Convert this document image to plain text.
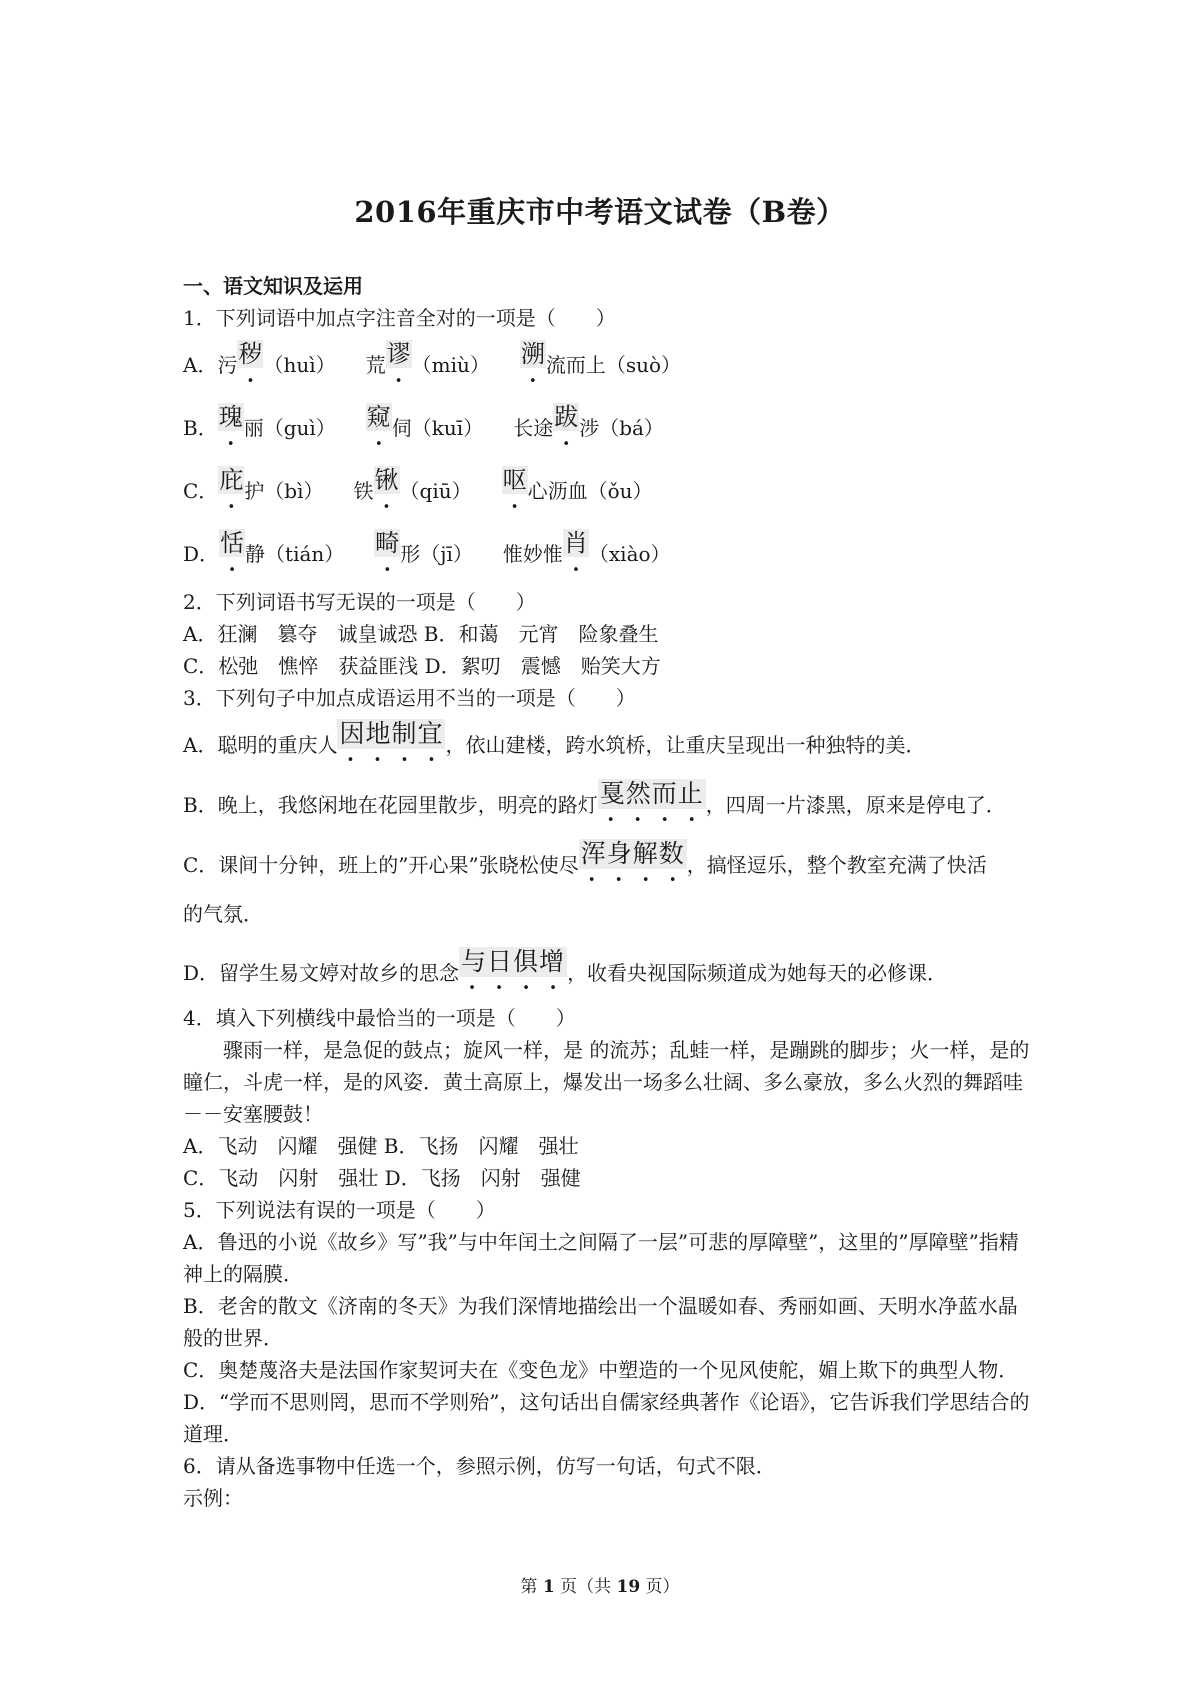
2016年重庆市中考语文试卷（B卷）
一、语文知识及运用
1．下列词语中加点字注音全对的一项是（　　）
A．污秽（huì） 荒谬（miù） 溯流而上（suò）
B．瑰丽（guì） 窥伺（kuī） 长途跋涉（bá）
C．庇护（bì） 铁锹（qiū） 呕心沥血（ǒu）
D．恬静（tián） 畸形（jī） 惟妙惟肖（xiào）
2．下列词语书写无误的一项是（　　）
A．狂澜　篡夺　诚皇诚恐 B．和蔼　元宵　险象叠生
C．松弛　憔悴　获益匪浅 D．絮叨　震憾　贻笑大方
3．下列句子中加点成语运用不当的一项是（　　）
A．聪明的重庆人因地制宜
• • • •
，依山建楼，跨水筑桥，让重庆呈现出一种独特的美．
B．晚上，我悠闲地在花园里散步，明亮的路灯戛然而止
• • • •
，四周一片漆黑，原来是停电了．
C．课间十分钟，班上的”开心果”张晓松使尽浑身解数
• • • •
，搞怪逗乐，整个教室充满了快活
的气氛．
D．留学生易文婷对故乡的思念与日俱增
• • • •
，收看央视国际频道成为她每天的必修课．
4．填入下列横线中最恰当的一项是（　　）
骤雨一样，是急促的鼓点；旋风一样，是 的流苏；乱蛙一样，是蹦跳的脚步；火一样，是的瞳仁，斗虎一样，是的风姿．黄土高原上，爆发出一场多么壮阔、多么豪放，多么火烈的舞蹈哇－－安塞腰鼓！
A．飞动　闪耀　强健 B．飞扬　闪耀　强壮
C．飞动　闪射　强壮 D．飞扬　闪射　强健
5．下列说法有误的一项是（　　）
A．鲁迅的小说《故乡》写”我”与中年闰土之间隔了一层”可悲的厚障壁”，这里的”厚障壁”指精神上的隔膜．
B．老舍的散文《济南的冬天》为我们深情地描绘出一个温暖如春、秀丽如画、天明水净蓝水晶般的世界．
C．奥楚蔑洛夫是法国作家契诃夫在《变色龙》中塑造的一个见风使舵，媚上欺下的典型人物．
D．“学而不思则罔，思而不学则殆”，这句话出自儒家经典著作《论语》，它告诉我们学思结合的道理．
6．请从备选事物中任选一个，参照示例，仿写一句话，句式不限．
示例：
第 1 页（共 19 页）
